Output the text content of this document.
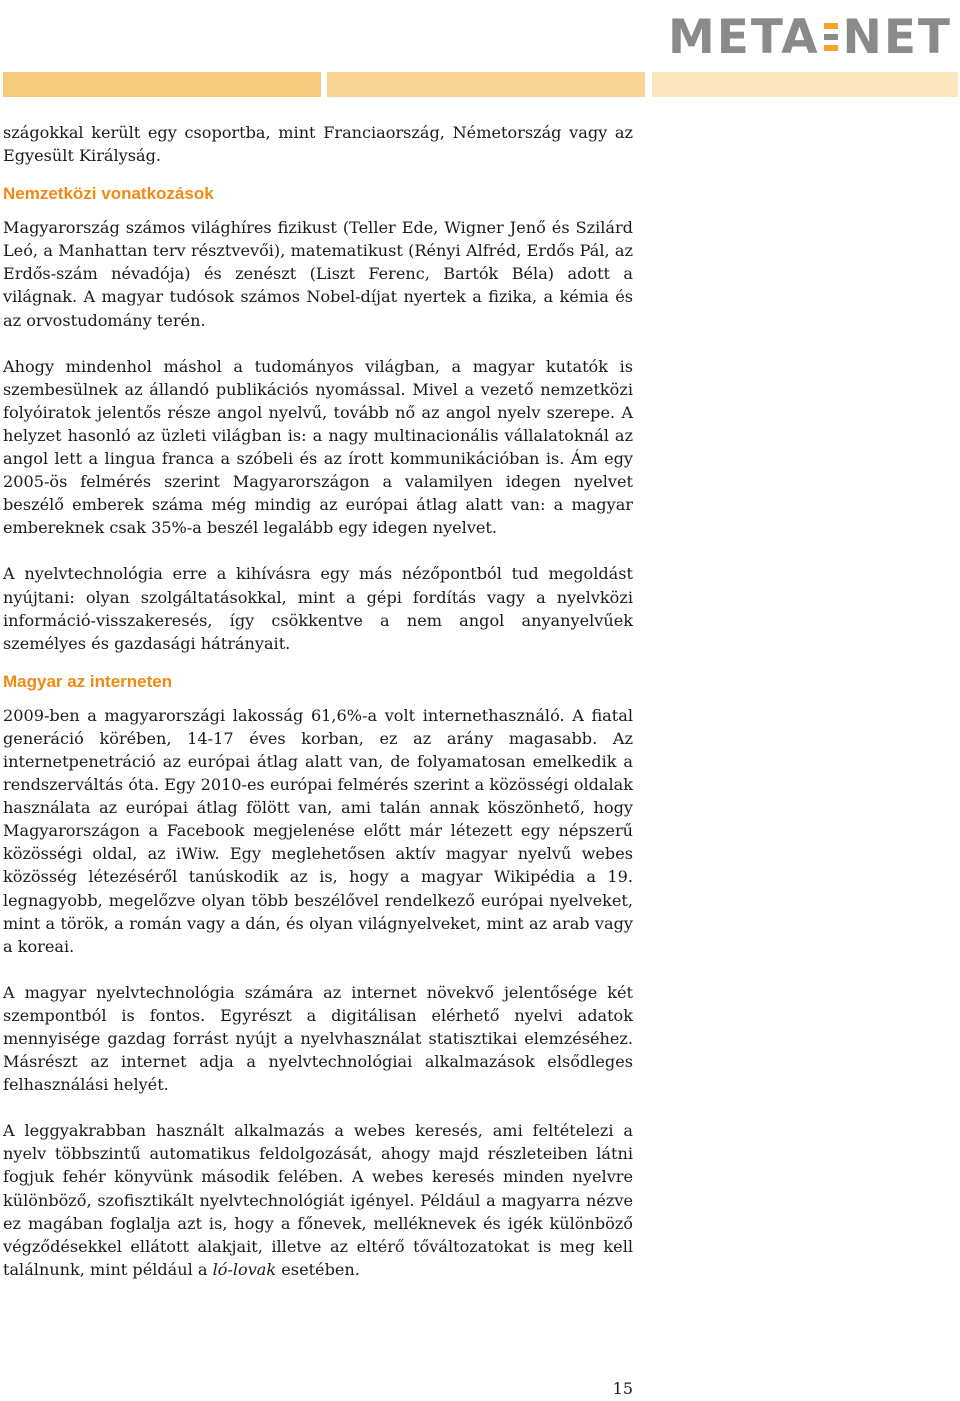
META NET

szágokkal került egy csoportba, mint Franciaország, Németország vagy az Egyesült Királyság.

Nemzetközi vonatkozások

Magyarország számos világhíres fizikust (Teller Ede, Wigner Jenő és Szilárd Leó, a Manhattan terv résztvevői), matematikust (Rényi Alfréd, Erdős Pál, az Erdős-szám névadója) és zenészt (Liszt Ferenc, Bartók Béla) adott a világnak. A magyar tudósok számos Nobel-díjat nyertek a fizika, a kémia és az orvostudomány terén.

Ahogy mindenhol máshol a tudományos világban, a magyar kutatók is szembesülnek az állandó publikációs nyomással. Mivel a vezető nemzetközi folyóiratok jelentős része angol nyelvű, tovább nő az angol nyelv szerepe. A helyzet hasonló az üzleti világban is: a nagy multinacionális vállalatoknál az angol lett a lingua franca a szóbeli és az írott kommunikációban is. Ám egy 2005-ös felmérés szerint Magyarországon a valamilyen idegen nyelvet beszélő emberek száma még mindig az európai átlag alatt van: a magyar embereknek csak 35%-a beszél legalább egy idegen nyelvet.

A nyelvtechnológia erre a kihívásra egy más nézőpontból tud megoldást nyújtani: olyan szolgáltatásokkal, mint a gépi fordítás vagy a nyelvközi információ-visszakeresés, így csökkentve a nem angol anyanyelvűek személyes és gazdasági hátrányait.

Magyar az interneten

2009-ben a magyarországi lakosság 61,6%-a volt internethasználó. A fiatal generáció körében, 14-17 éves korban, ez az arány magasabb. Az internetpenetráció az európai átlag alatt van, de folyamatosan emelkedik a rendszerváltás óta. Egy 2010-es európai felmérés szerint a közösségi oldalak használata az európai átlag fölött van, ami talán annak köszönhető, hogy Magyarországon a Facebook megjelenése előtt már létezett egy népszerű közösségi oldal, az iWiw. Egy meglehetősen aktív magyar nyelvű webes közösség létezéséről tanúskodik az is, hogy a magyar Wikipédia a 19. legnagyobb, megelőzve olyan több beszélővel rendelkező európai nyelveket, mint a török, a román vagy a dán, és olyan világnyelveket, mint az arab vagy a koreai.

A magyar nyelvtechnológia számára az internet növekvő jelentősége két szempontból is fontos. Egyrészt a digitálisan elérhető nyelvi adatok mennyisége gazdag forrást nyújt a nyelvhasználat statisztikai elemzéséhez. Másrészt az internet adja a nyelvtechnológiai alkalmazások elsődleges felhasználási helyét.

A leggyakrabban használt alkalmazás a webes keresés, ami feltételezi a nyelv többszintű automatikus feldolgozását, ahogy majd részleteiben látni fogjuk fehér könyvünk második felében. A webes keresés minden nyelvre különböző, szofisztikált nyelvtechnológiát igényel. Például a magyarra nézve ez magában foglalja azt is, hogy a főnevek, melléknevek és igék különböző végződésekkel ellátott alakjait, illetve az eltérő tőváltozatokat is meg kell találnunk, mint például a ló-lovak esetében.

15
